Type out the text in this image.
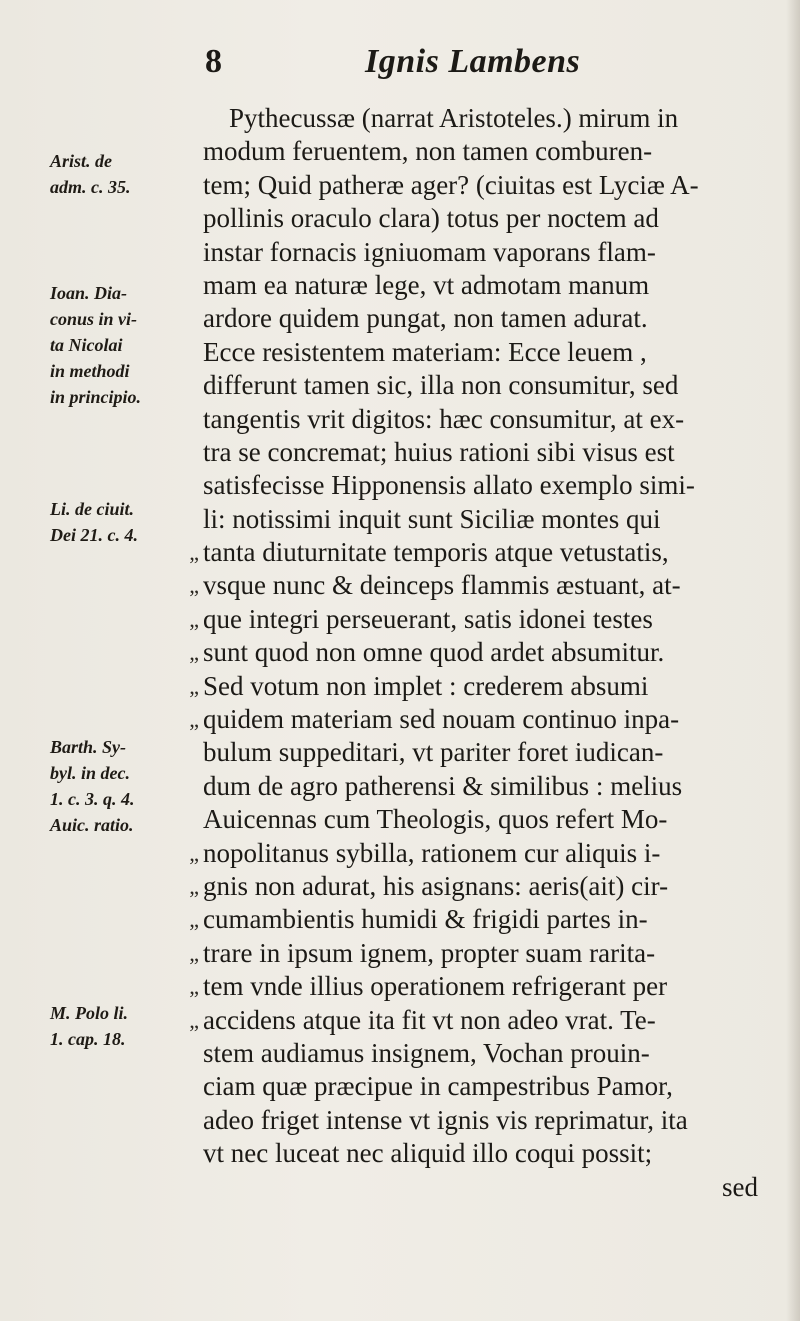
8	Ignis Lambens
Arist. de
adm. c. 35.
Ioan. Dia-
conus in vi-
ta Nicolai
in methodi
in principio.
Li. de ciuit.
Dei 21. c. 4.
Barth. Sy-
byl. in dec.
1. c. 3. q. 4.
Auic. ratio.
M. Polo li.
1. cap. 18.
Pythecussæ (narrat Aristoteles.) mirum in
modum feruentem, non tamen comburen-
tem; Quid patheræ ager? (ciuitas est Lyciæ A-
pollinis oraculo clara) totus per noctem ad
instar fornacis igniuomam vaporans flam-
mam ea naturæ lege, vt admotam manum
ardore quidem pungat, non tamen adurat.
Ecce resistentem materiam: Ecce leuem ,
differunt tamen sic, illa non consumitur, sed
tangentis vrit digitos: hæc consumitur, at ex-
tra se concremat; huius rationi sibi visus est
satisfecisse Hipponensis allato exemplo simi-
li: notissimi inquit sunt Siciliæ montes qui
„ tanta diuturnitate temporis atque vetustatis,
„ vsque nunc & deinceps flammis æstuant, at-
„ que integri perseuerant, satis idonei testes
„ sunt quod non omne quod ardet absumitur.
„ Sed votum non implet : crederem absumi
„ quidem materiam sed nouam continuo inpa-
bulum suppeditari, vt pariter foret iudican-
dum de agro patherensi & similibus : melius
Auicennas cum Theologis, quos refert Mo-
„ nopolitanus sybilla, rationem cur aliquis i-
„ gnis non adurat, his asignans: aeris(ait) cir-
„ cumambientis humidi & frigidi partes in-
„ trare in ipsum ignem, propter suam rarita-
„ tem vnde illius operationem refrigerant per
„ accidens atque ita fit vt non adeo vrat. Te-
stem audiamus insignem, Vochan prouin-
ciam quæ præcipue in campestribus Pamor,
adeo friget intense vt ignis vis reprimatur, ita
vt nec luceat nec aliquid illo coqui possit;
sed
